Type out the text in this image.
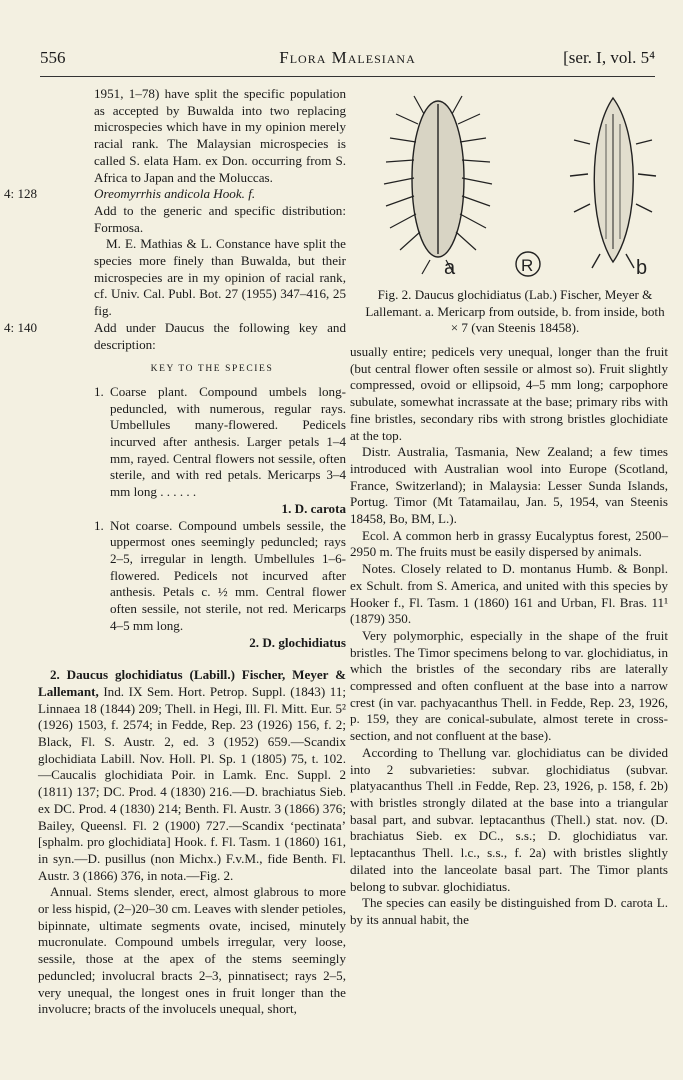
556	Flora Malesiana	[ser. I, vol. 5⁴

1951, 1–78) have split the specific population as accepted by Buwalda into two replacing microspecies which have in my opinion merely racial rank. The Malaysian microspecies is called S. elata Ham. ex Don. occurring from S. Africa to Japan and the Moluccas.

4: 128	Oreomyrrhis andicola Hook. f.

Add to the generic and specific distribution: Formosa.

M. E. Mathias & L. Constance have split the species more finely than Buwalda, but their microspecies are in my opinion of racial rank, cf. Univ. Cal. Publ. Bot. 27 (1955) 347–416, 25 fig.

4: 140	Add under Daucus the following key and description:

KEY TO THE SPECIES
1. Coarse plant. Compound umbels long-peduncled, with numerous, regular rays. Umbellules many-flowered. Pedicels incurved after anthesis. Larger petals 1–4 mm, rayed. Central flowers not sessile, often sterile, and with red petals. Mericarps 3–4 mm long . . . . . .

1. D. carota
1. Not coarse. Compound umbels sessile, the uppermost ones seemingly peduncled; rays 2–5, irregular in length. Umbellules 1–6-flowered. Pedicels not incurved after anthesis. Petals c. ½ mm. Central flower often sessile, not sterile, not red. Mericarps 4–5 mm long.

2. D. glochidiatus

2. Daucus glochidiatus (Labill.) Fischer, Meyer & Lallemant, Ind. IX Sem. Hort. Petrop. Suppl. (1843) 11; Linnaea 18 (1844) 209; Thell. in Hegi, Ill. Fl. Mitt. Eur. 5² (1926) 1503, f. 2574; in Fedde, Rep. 23 (1926) 156, f. 2; Black, Fl. S. Austr. 2, ed. 3 (1952) 659.—Scandix glochidiata Labill. Nov. Holl. Pl. Sp. 1 (1805) 75, t. 102.—Caucalis glochidiata Poir. in Lamk. Enc. Suppl. 2 (1811) 137; DC. Prod. 4 (1830) 216.—D. brachiatus Sieb. ex DC. Prod. 4 (1830) 214; Benth. Fl. Austr. 3 (1866) 376; Bailey, Queensl. Fl. 2 (1900) 727.—Scandix ‘pectinata’ [sphalm. pro glochidiata] Hook. f. Fl. Tasm. 1 (1860) 161, in syn.—D. pusillus (non Michx.) F.v.M., fide Benth. Fl. Austr. 3 (1866) 376, in nota.—Fig. 2.

Annual. Stems slender, erect, almost glabrous to more or less hispid, (2–)20–30 cm. Leaves with slender petioles, bipinnate, ultimate segments ovate, incised, minutely mucronulate. Compound umbels irregular, very loose, sessile, those at the apex of the stems seemingly peduncled; involucral bracts 2–3, pinnatisect; rays 2–5, very unequal, the longest ones in fruit longer than the involucre; bracts of the involucels unequal, short,

a	b
R
Fig. 2. Daucus glochidiatus (Lab.) Fischer, Meyer & Lallemant. a. Mericarp from outside, b. from inside, both × 7 (van Steenis 18458).

usually entire; pedicels very unequal, longer than the fruit (but central flower often sessile or almost so). Fruit slightly compressed, ovoid or ellipsoid, 4–5 mm long; carpophore subulate, somewhat incrassate at the base; primary ribs with fine bristles, secondary ribs with strong bristles glochidiate at the top.

Distr. Australia, Tasmania, New Zealand; a few times introduced with Australian wool into Europe (Scotland, France, Switzerland); in Malaysia: Lesser Sunda Islands, Portug. Timor (Mt Tatamailau, Jan. 5, 1954, van Steenis 18458, Bo, BM, L.).

Ecol. A common herb in grassy Eucalyptus forest, 2500–2950 m. The fruits must be easily dispersed by animals.

Notes. Closely related to D. montanus Humb. & Bonpl. ex Schult. from S. America, and united with this species by Hooker f., Fl. Tasm. 1 (1860) 161 and Urban, Fl. Bras. 11¹ (1879) 350.

Very polymorphic, especially in the shape of the fruit bristles. The Timor specimens belong to var. glochidiatus, in which the bristles of the secondary ribs are laterally compressed and often confluent at the base into a narrow crest (in var. pachyacanthus Thell. in Fedde, Rep. 23, 1926, p. 159, they are conical-subulate, almost terete in cross-section, and not confluent at the base).

According to Thellung var. glochidiatus can be divided into 2 subvarieties: subvar. glochidiatus (subvar. platyacanthus Thell .in Fedde, Rep. 23, 1926, p. 158, f. 2b) with bristles strongly dilated at the base into a triangular basal part, and subvar. leptacanthus (Thell.) stat. nov. (D. brachiatus Sieb. ex DC., s.s.; D. glochidiatus var. leptacanthus Thell. l.c., s.s., f. 2a) with bristles slightly dilated into the lanceolate basal part. The Timor plants belong to subvar. glochidiatus.

The species can easily be distinguished from D. carota L. by its annual habit, the
